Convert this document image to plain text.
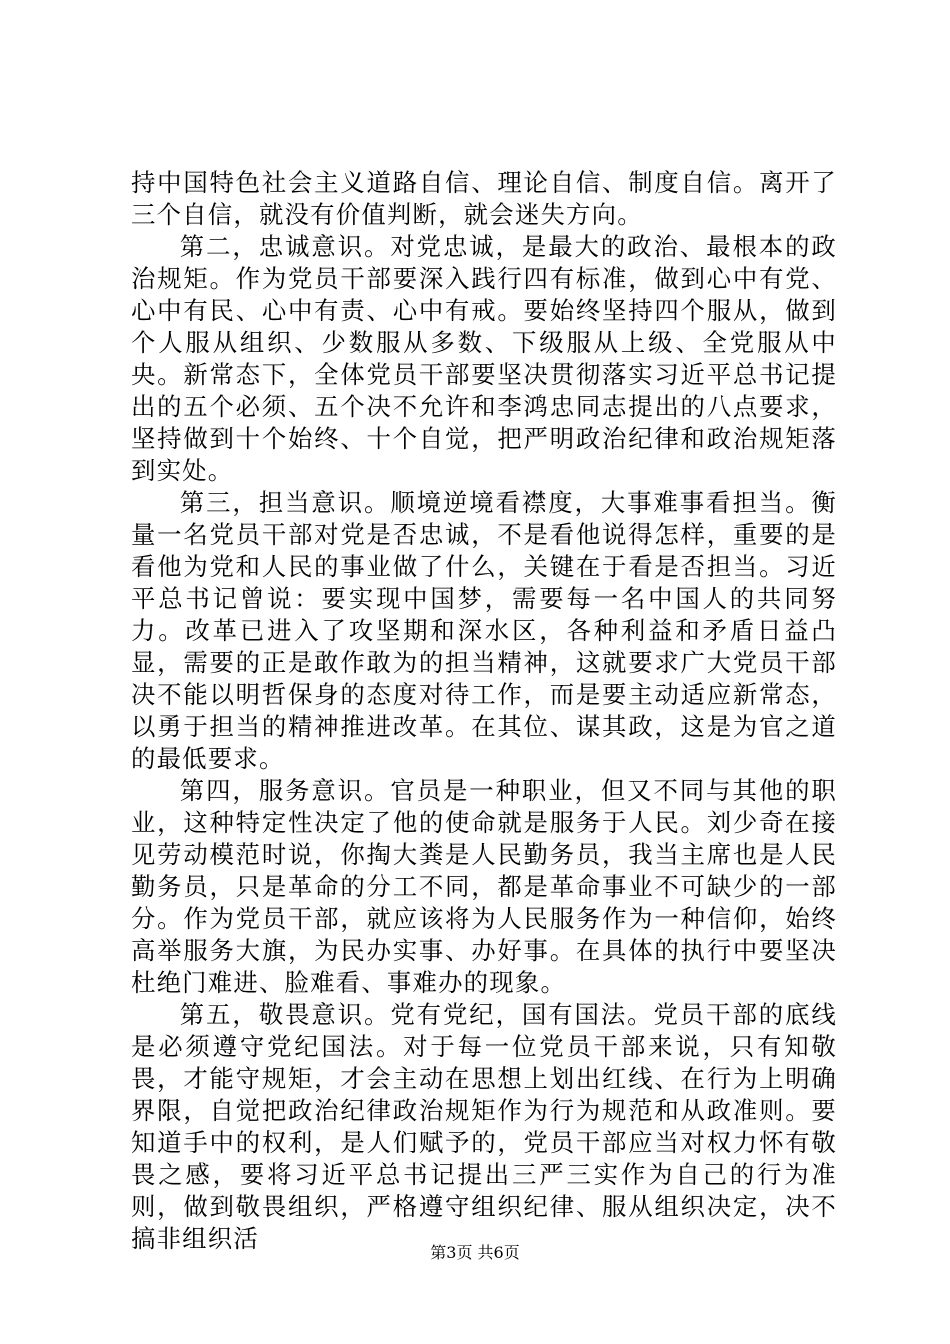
持中国特色社会主义道路自信、理论自信、制度自信。离开了三个自信，就没有价值判断，就会迷失方向。

第二，忠诚意识。对党忠诚，是最大的政治、最根本的政治规矩。作为党员干部要深入践行四有标准，做到心中有党、心中有民、心中有责、心中有戒。要始终坚持四个服从，做到个人服从组织、少数服从多数、下级服从上级、全党服从中央。新常态下，全体党员干部要坚决贯彻落实习近平总书记提出的五个必须、五个决不允许和李鸿忠同志提出的八点要求，坚持做到十个始终、十个自觉，把严明政治纪律和政治规矩落到实处。

第三，担当意识。顺境逆境看襟度，大事难事看担当。衡量一名党员干部对党是否忠诚，不是看他说得怎样，重要的是看他为党和人民的事业做了什么，关键在于看是否担当。习近平总书记曾说：要实现中国梦，需要每一名中国人的共同努力。改革已进入了攻坚期和深水区，各种利益和矛盾日益凸显，需要的正是敢作敢为的担当精神，这就要求广大党员干部决不能以明哲保身的态度对待工作，而是要主动适应新常态，以勇于担当的精神推进改革。在其位、谋其政，这是为官之道的最低要求。

第四，服务意识。官员是一种职业，但又不同与其他的职业，这种特定性决定了他的使命就是服务于人民。刘少奇在接见劳动模范时说，你掏大粪是人民勤务员，我当主席也是人民勤务员，只是革命的分工不同，都是革命事业不可缺少的一部分。作为党员干部，就应该将为人民服务作为一种信仰，始终高举服务大旗，为民办实事、办好事。在具体的执行中要坚决杜绝门难进、脸难看、事难办的现象。

第五，敬畏意识。党有党纪，国有国法。党员干部的底线是必须遵守党纪国法。对于每一位党员干部来说，只有知敬畏，才能守规矩，才会主动在思想上划出红线、在行为上明确界限，自觉把政治纪律政治规矩作为行为规范和从政准则。要知道手中的权利，是人们赋予的，党员干部应当对权力怀有敬畏之感，要将习近平总书记提出三严三实作为自己的行为准则，做到敬畏组织，严格遵守组织纪律、服从组织决定，决不搞非组织活	第3页 共6页
